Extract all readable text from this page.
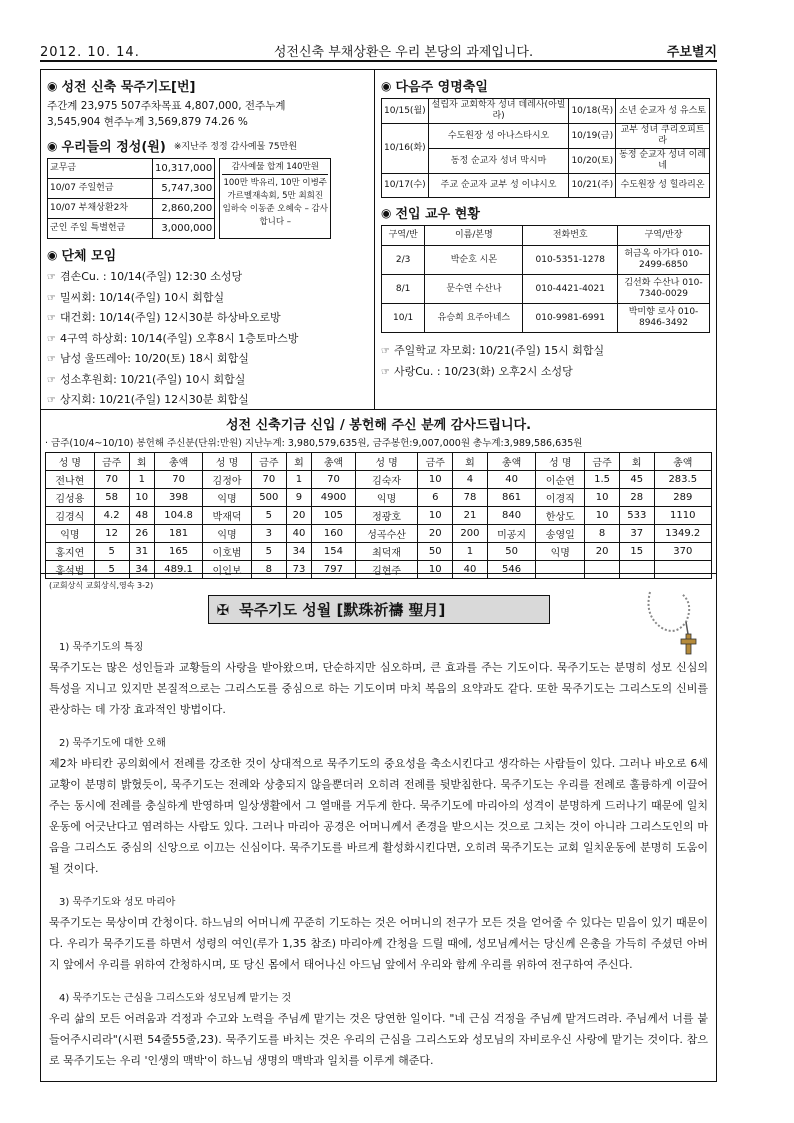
2012. 10. 14.	성전신축 부채상환은 우리 본당의 과제입니다.	주보별지
◉ 성전 신축 묵주기도[번]
주간계 23,975 507주차목표 4,807,000, 전주누계
3,545,904 현주누계 3,569,879 74.26 %
◉ 우리들의 정성(원) ※지난주 정정 감사예물 75만원
교무금	10,317,000
10/07 주일헌금	5,747,300
10/07 부채상환2차	2,860,200
군인 주일 특별헌금	3,000,000
감사예물 합계 140만원
100만 박유리, 10만 이병주 가르멜재속회, 5만 최희진 임하숙 이동준 오혜숙 – 감사합니다 –
◉ 단체 모임
☞ 겸손Cu. : 10/14(주일) 12:30 소성당
☞ 밀씨회: 10/14(주일) 10시 회합실
☞ 대건회: 10/14(주일) 12시30분 하상바오로방
☞ 4구역 하상회: 10/14(주일) 오후8시 1층토마스방
☞ 남성 울뜨레아: 10/20(토) 18시 회합실
☞ 성소후원회: 10/21(주일) 10시 회합실
☞ 상지회: 10/21(주일) 12시30분 회합실
◉ 다음주 영명축일
10/15(월)	설립자 교회학자 성녀 데레사(아빌라)	10/18(목)	소년 순교자 성 유스토
10/16(화)	수도원장 성 아나스타시오	10/19(금)	교부 성녀 쿠리오피트라
	동정 순교자 성녀 막시마	10/20(토)	동정 순교자 성녀 이레네
10/17(수)	주교 순교자 교부 성 이냐시오	10/21(주)	수도원장 성 힐라리온
◉ 전입 교우 현황
구역/반	이름/본명	전화번호	구역/반장
2/3	박순호 시몬	010-5351-1278	허금옥 아가다 010-2499-6850
8/1	문수연 수산나	010-4421-4021	김선화 수산나 010-7340-0029
10/1	유승희 요주아네스	010-9981-6991	박미향 로사 010-8946-3492
☞ 주일학교 자모회: 10/21(주일) 15시 회합실
☞ 사랑Cu. : 10/23(화) 오후2시 소성당
성전 신축기금 신입 / 봉헌해 주신 분께 감사드립니다.
· 금주(10/4~10/10) 봉헌해 주신분(단위:만원) 지난누계: 3,980,579,635원, 금주봉헌:9,007,000원 총누계:3,989,586,635원
성 명	금주	회	총액	성 명	금주	회	총액	성 명	금주	회	총액	성 명	금주	회	총액
전나현	70	1	70	김정아	70	1	70	김숙자	10	4	40	이순연	1.5	45	283.5
김성용	58	10	398	익명	500	9	4900	익명	6	78	861	이경직	10	28	289
김경식	4.2	48	104.8	박재덕	5	20	105	정광호	10	21	840	한상도	10	533	1110
익명	12	26	181	익명	3	40	160	성곡수산	20	200	미공지	송영일	8	37	1349.2
홍지연	5	31	165	이호범	5	34	154	최덕재	50	1	50	익명	20	15	370
홍석범	5	34	489.1	이인보	8	73	797	김현주	10	40	546				
(교회상식 교회상식,영속 3-2)
✠ 묵주기도 성월 [默珠祈禱 聖月]
1) 묵주기도의 특징
묵주기도는 많은 성인들과 교황들의 사랑을 받아왔으며, 단순하지만 심오하며, 큰 효과를 주는 기도이다. 묵주기도는 분명히 성모 신심의 특성을 지니고 있지만 본질적으로는 그리스도를 중심으로 하는 기도이며 마치 복음의 요약과도 같다. 또한 묵주기도는 그리스도의 신비를 관상하는 데 가장 효과적인 방법이다.
2) 묵주기도에 대한 오해
제2차 바티칸 공의회에서 전례를 강조한 것이 상대적으로 묵주기도의 중요성을 축소시킨다고 생각하는 사람들이 있다. 그러나 바오로 6세 교황이 분명히 밝혔듯이, 묵주기도는 전례와 상충되지 않을뿐더러 오히려 전례를 뒷받침한다. 묵주기도는 우리를 전례로 훌륭하게 이끌어주는 동시에 전례를 충실하게 반영하며 일상생활에서 그 열매를 거두게 한다. 묵주기도에 마리아의 성격이 분명하게 드러나기 때문에 일치운동에 어긋난다고 염려하는 사람도 있다. 그러나 마리아 공경은 어머니께서 존경을 받으시는 것으로 그치는 것이 아니라 그리스도인의 마음을 그리스도 중심의 신앙으로 이끄는 신심이다. 묵주기도를 바르게 활성화시킨다면, 오히려 묵주기도는 교회 일치운동에 분명히 도움이 될 것이다.
3) 묵주기도와 성모 마리아
묵주기도는 묵상이며 간청이다. 하느님의 어머니께 꾸준히 기도하는 것은 어머니의 전구가 모든 것을 얻어줄 수 있다는 믿음이 있기 때문이다. 우리가 묵주기도를 하면서 성령의 여인(루가 1,35 참조) 마리아께 간청을 드릴 때에, 성모님께서는 당신께 은총을 가득히 주셨던 아버지 앞에서 우리를 위하여 간청하시며, 또 당신 몸에서 태어나신 아드님 앞에서 우리와 함께 우리를 위하여 전구하여 주신다.
4) 묵주기도는 근심을 그리스도와 성모님께 맡기는 것
우리 삶의 모든 어려움과 걱정과 수고와 노력을 주님께 맡기는 것은 당연한 일이다. "네 근심 걱정을 주님께 맡겨드려라. 주님께서 너를 붙들어주시리라"(시편 54줄55줄,23). 묵주기도를 바치는 것은 우리의 근심을 그리스도와 성모님의 자비로우신 사랑에 맡기는 것이다. 참으로 묵주기도는 우리 '인생의 맥박'이 하느님 생명의 맥박과 일치를 이루게 해준다.
